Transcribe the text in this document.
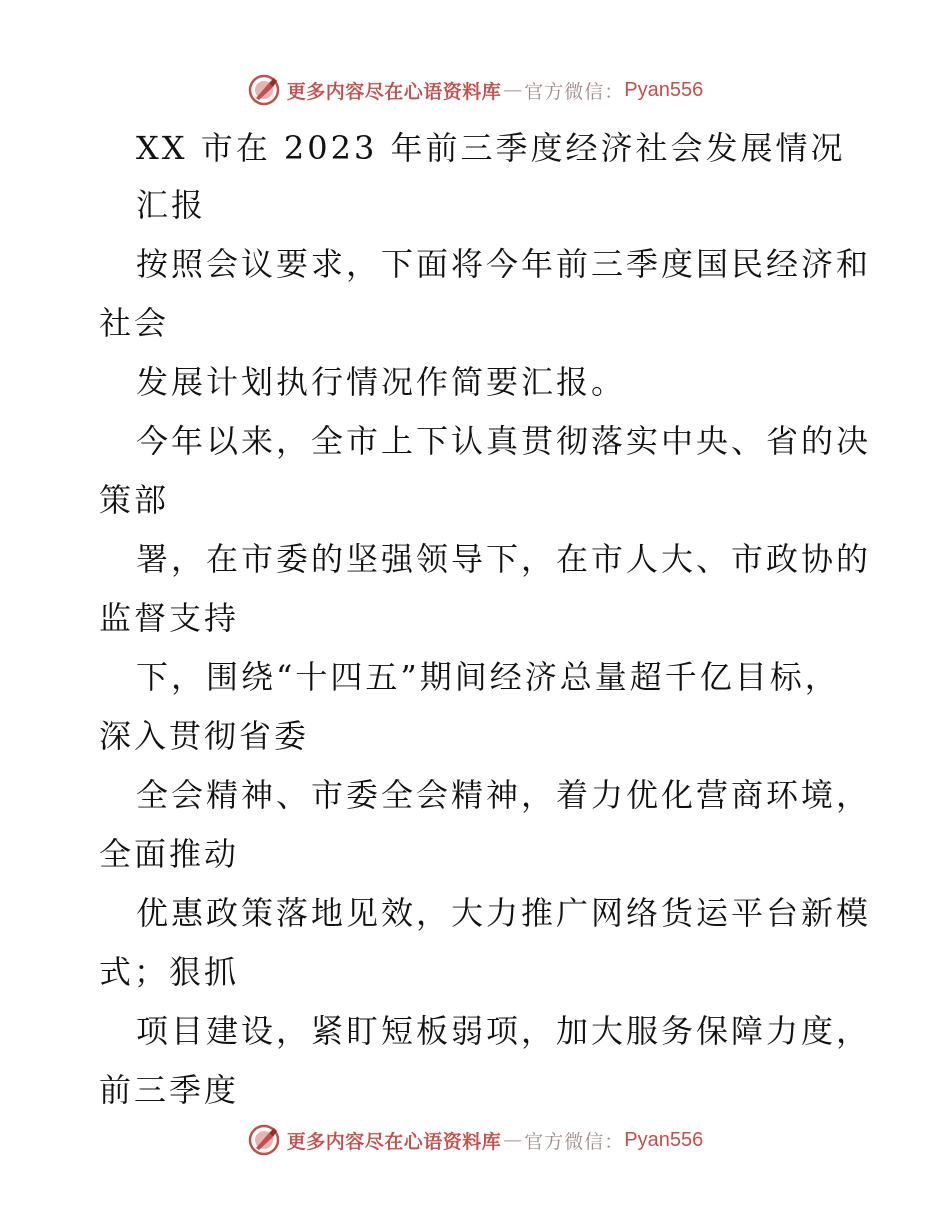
更多内容尽在心语资料库 — 官方微信： Pyan556
XX 市在 2023 年前三季度经济社会发展情况
汇报
按照会议要求，下面将今年前三季度国民经济和
社会
发展计划执行情况作简要汇报。
今年以来，全市上下认真贯彻落实中央、省的决
策部
署，在市委的坚强领导下，在市人大、市政协的
监督支持
下，围绕“十四五”期间经济总量超千亿目标，
深入贯彻省委
全会精神、市委全会精神，着力优化营商环境，
全面推动
优惠政策落地见效，大力推广网络货运平台新模
式；狠抓
项目建设，紧盯短板弱项，加大服务保障力度，
前三季度
更多内容尽在心语资料库 — 官方微信： Pyan556
